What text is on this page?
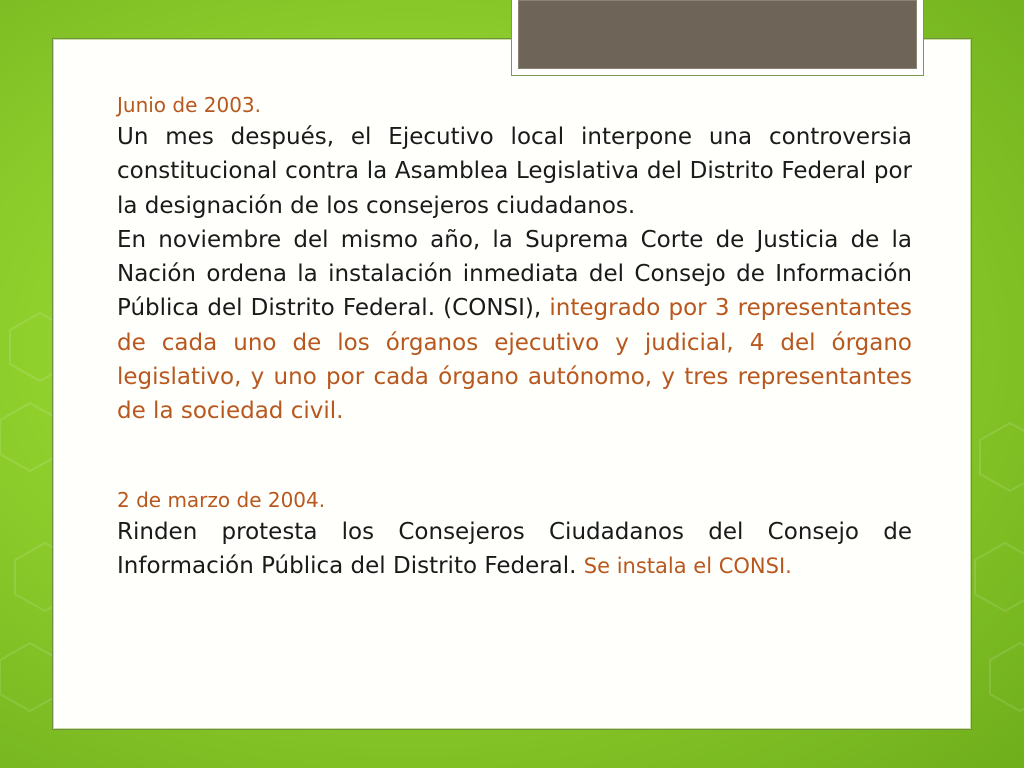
Junio de 2003.

Un mes después, el Ejecutivo local interpone una controversia constitucional contra la Asamblea Legislativa del Distrito Federal por la designación de los consejeros ciudadanos.

En noviembre del mismo año, la Suprema Corte de Justicia de la Nación ordena la instalación inmediata del Consejo de Información Pública del Distrito Federal. (CONSI), integrado por 3 representantes de cada uno de los órganos ejecutivo y judicial, 4 del órgano legislativo, y uno por cada órgano autónomo, y tres representantes de la sociedad civil.

2 de marzo de 2004.

Rinden protesta los Consejeros Ciudadanos del Consejo de Información Pública del Distrito Federal. Se instala el CONSI.
